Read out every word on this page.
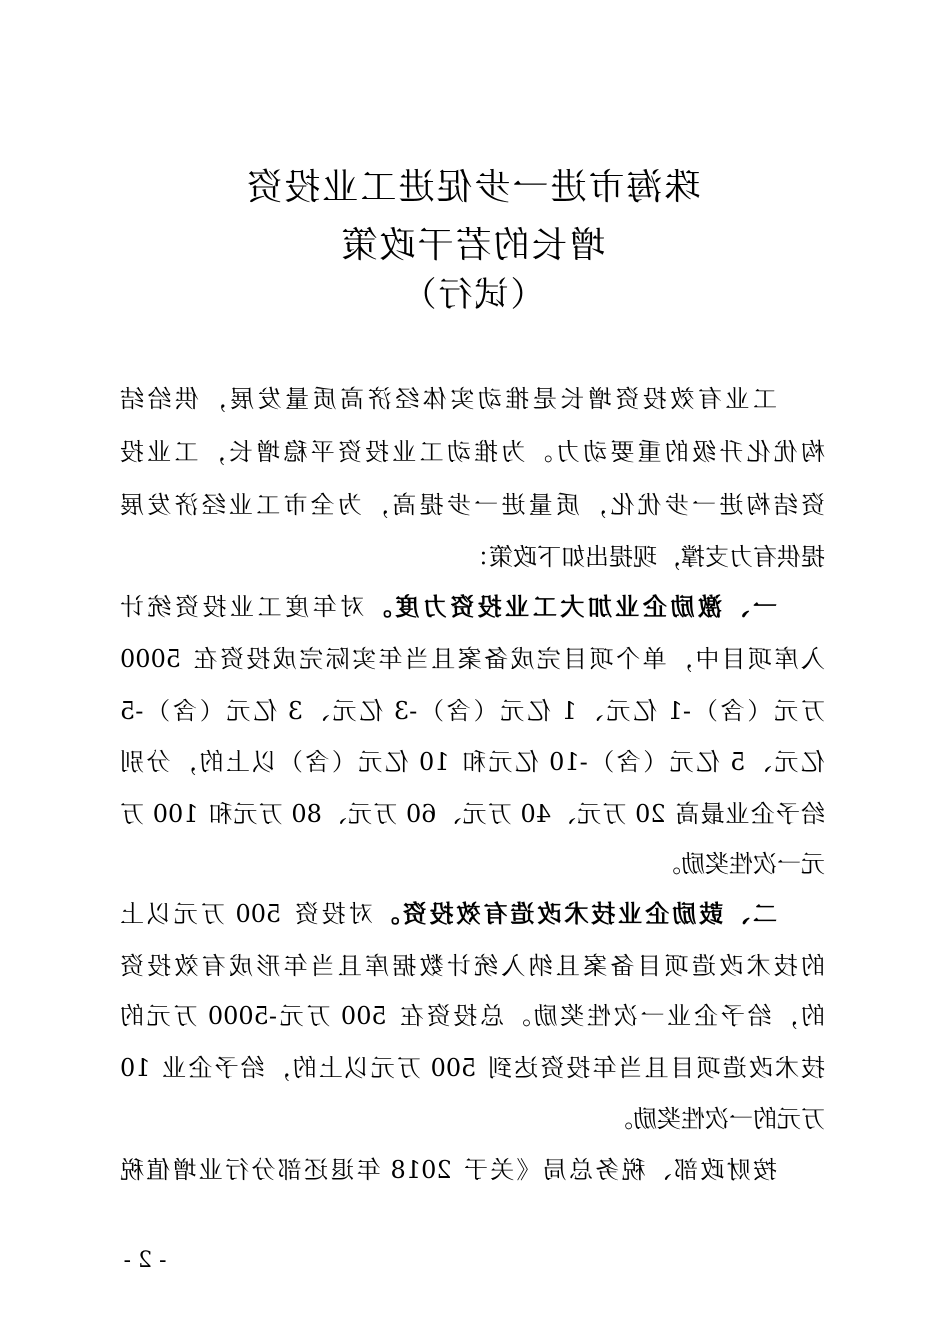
珠海市进一步促进工业投资
增长的若干政策
（试行）
工业有效投资增长是推动实体经济高质量发展，供给结
构优化升级的重要动力。为推动工业投资平稳增长，工业投
资结构进一步优化，质量进一步提高，为全市工业经济发展
提供有力支撑，现提出如下政策：
一、激励企业加大工业投资力度。对年度工业投资统计
入库项目中，单个项目完成备案且当年实际完成投资在 5000
万元（含）-1 亿元、1 亿元（含）-3 亿元、3 亿元（含）-5
亿元、5 亿元（含）-10 亿元和 10 亿元（含）以上的，分别
给予企业最高 20 万元、40 万元、60 万元、80 万元和 100 万
元一次性奖励。
二、鼓励企业技术改造有效投资。对投资 500 万元以上
的技术改造项目备案且纳入统计数据库且当年形成有效投资
的，给予企业一次性奖励。总投资在 500 万元-5000 万元的
技术改造项目且当年投资达到 500 万元以上的，给予企业 10
万元的一次性奖励。
按财政部、税务总局《关于 2018 年退还部分行业增值税
- 2 -
